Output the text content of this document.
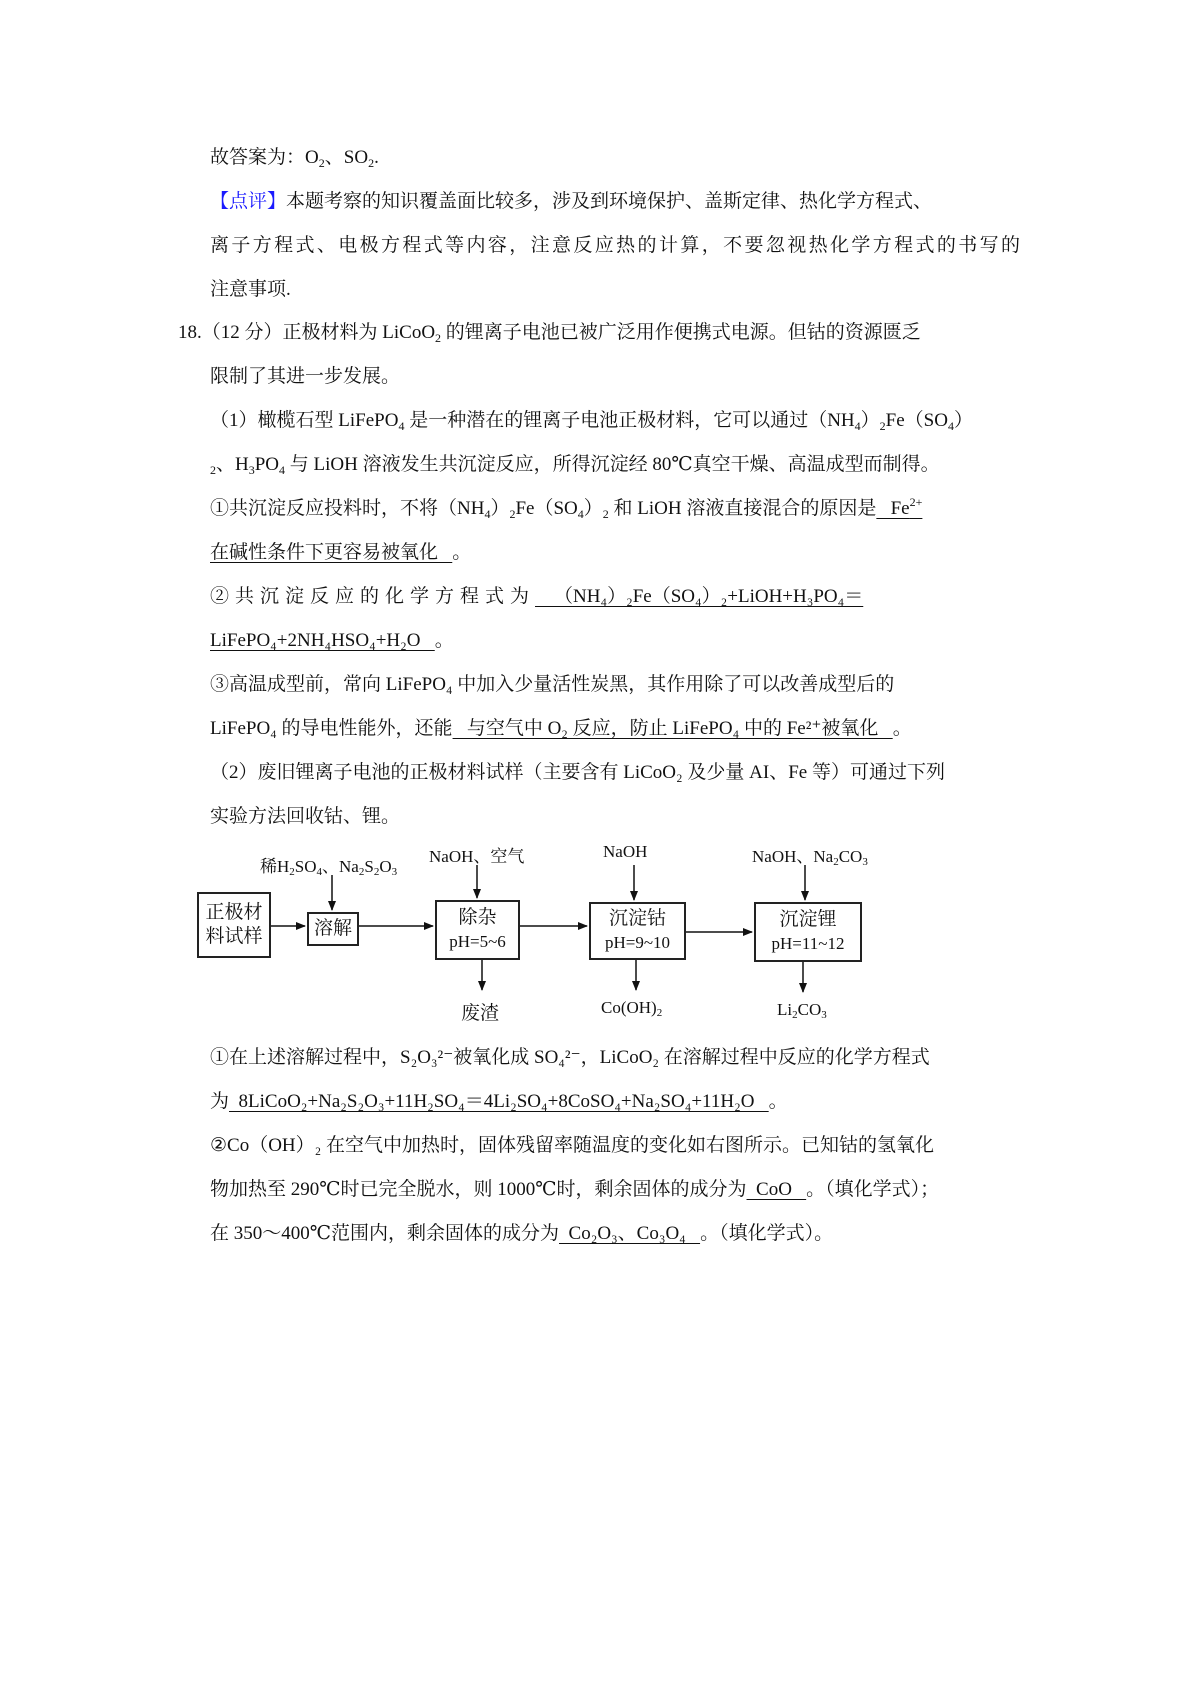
故答案为：$O_2$、$SO_2$.
【点评】本题考察的知识覆盖面比较多，涉及到环境保护、盖斯定律、热化学方程式、
离子方程式、电极方程式等内容，注意反应热的计算，不要忽视热化学方程式的书写的
注意事项.
18.（12 分）正极材料为 LiCoO$_2$ 的锂离子电池已被广泛用作便携式电源。但钴的资源匮乏
限制了其进一步发展。
（1）橄榄石型 LiFePO$_4$ 是一种潜在的锂离子电池正极材料，它可以通过$(NH_4)_2Fe(SO_4)$
$_2$、$H_3PO_4$ 与 LiOH 溶液发生共沉淀反应，所得沉淀经 80℃真空干燥、高温成型而制得。
①共沉淀反应投料时，不将$(NH_4)_2Fe(SO_4)_2$ 和 LiOH 溶液直接混合的原因是   $Fe^{2+}$
在碱性条件下更容易被氧化   。
②共沉淀反应的化学方程式为    （NH₄）₂Fe（SO₄）₂+LiOH+H₃PO₄＝
LiFePO₄+2NH₄HSO₄+H₂O   。
③高温成型前，常向 LiFePO₄ 中加入少量活性炭黑，其作用除了可以改善成型后的
LiFePO₄ 的导电性能外，还能   与空气中 O₂ 反应，防止 LiFePO₄ 中的 Fe²⁺被氧化   。
（2）废旧锂离子电池的正极材料试样（主要含有 LiCoO₂ 及少量 AI、Fe 等）可通过下列
实验方法回收钴、锂。
正极材
料试样	溶解
除杂
pH=5~6
沉淀钴
pH=9~10
沉淀锂
pH=11~12
稀$H_2SO_4$、$Na_2S_2O_3$
NaOH、空气	NaOH	NaOH、$Na_2CO_3$
废渣	$Co(OH)_2$	$Li_2CO_3$
①在上述溶解过程中，S₂O₃²⁻被氧化成 SO₄²⁻，LiCoO₂ 在溶解过程中反应的化学方程式
为  8LiCoO₂+Na₂S₂O₃+11H₂SO₄＝4Li₂SO₄+8CoSO₄+Na₂SO₄+11H₂O   。
②Co（OH）₂ 在空气中加热时，固体残留率随温度的变化如右图所示。已知钴的氢氧化
物加热至 290℃时已完全脱水，则 1000℃时，剩余固体的成分为  CoO   。（填化学式）；
在 350～400℃范围内，剩余固体的成分为  Co₂O₃、Co₃O₄   。（填化学式）。
